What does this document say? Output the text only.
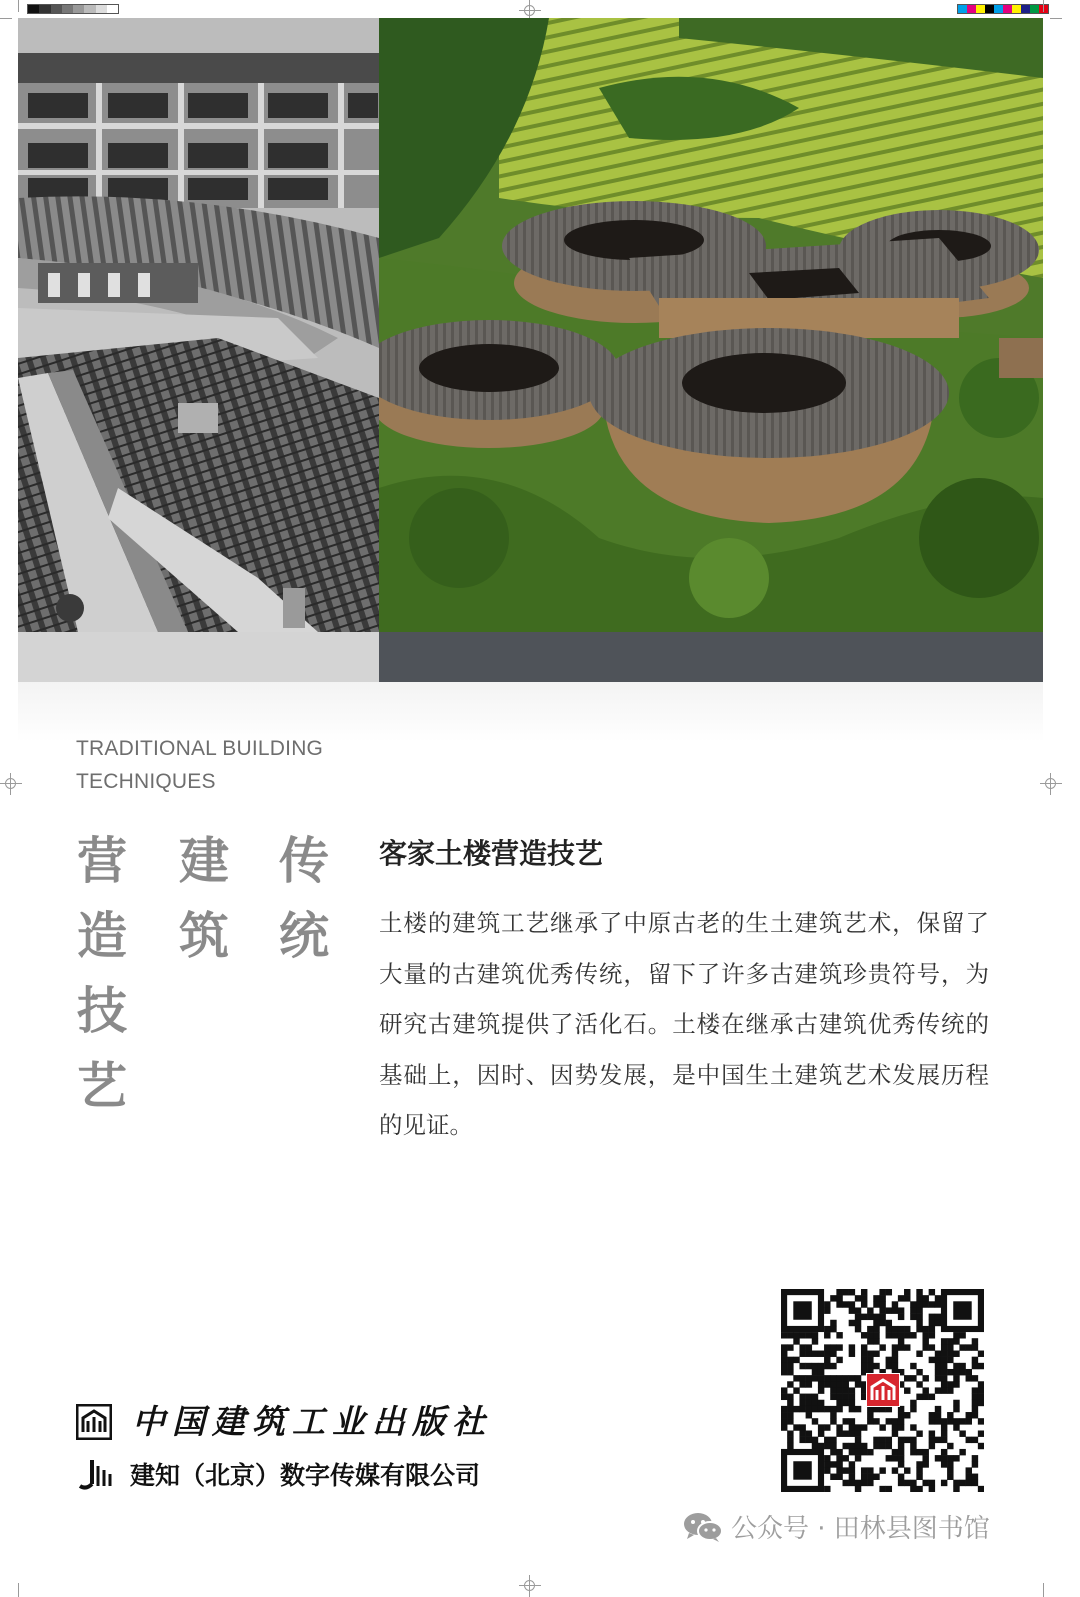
TRADITIONAL BUILDING
TECHNIQUES
营
造
技
艺
建
筑
传
统
客家土楼营造技艺
土楼的建筑工艺继承了中原古老的生土建筑艺术，保留了大量的古建筑优秀传统，留下了许多古建筑珍贵符号，为研究古建筑提供了活化石。土楼在继承古建筑优秀传统的基础上，因时、因势发展，是中国生土建筑艺术发展历程的见证。
中国建筑工业出版社
建知（北京）数字传媒有限公司
公众号 · 田林县图书馆
